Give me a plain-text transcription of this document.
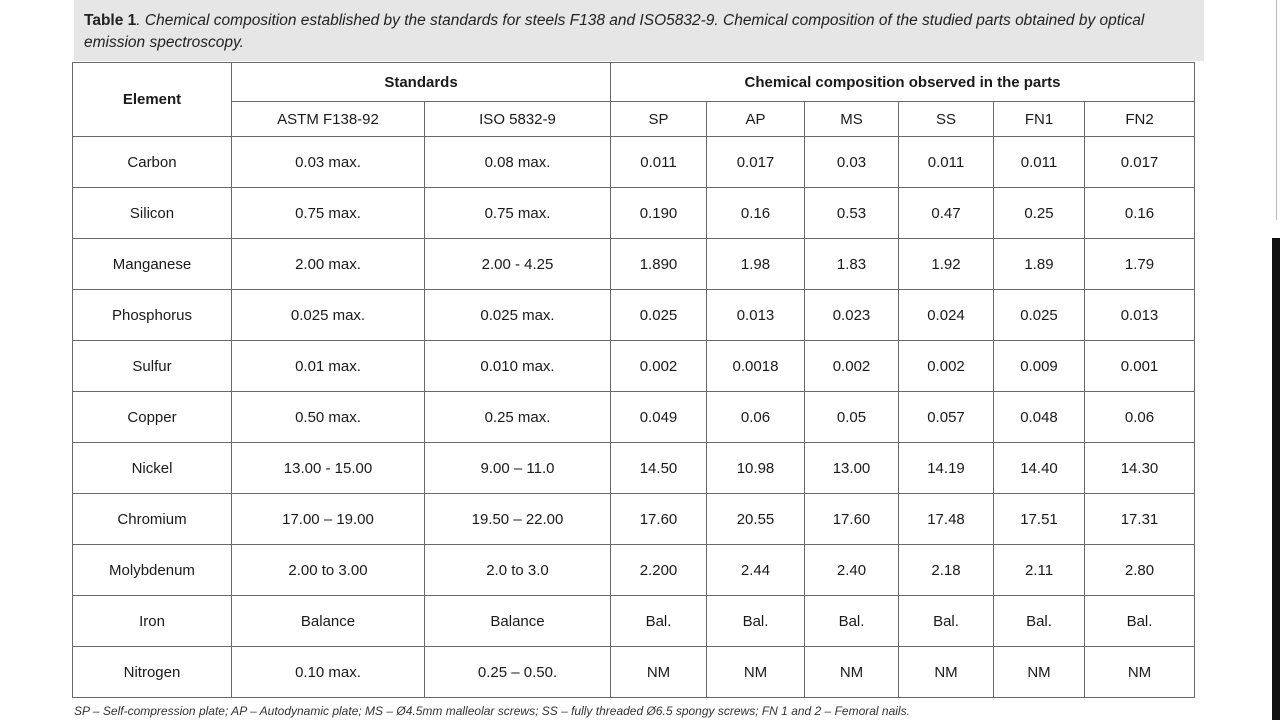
Table 1. Chemical composition established by the standards for steels F138 and ISO5832-9. Chemical composition of the studied parts obtained by optical emission spectroscopy.
Element	Standards		Chemical composition observed in the parts					
	ASTM F138-92	ISO 5832-9	SP	AP	MS	SS	FN1	FN2
Carbon	0.03 max.	0.08 max.	0.011	0.017	0.03	0.011	0.011	0.017
Silicon	0.75 max.	0.75 max.	0.190	0.16	0.53	0.47	0.25	0.16
Manganese	2.00 max.	2.00 - 4.25	1.890	1.98	1.83	1.92	1.89	1.79
Phosphorus	0.025 max.	0.025 max.	0.025	0.013	0.023	0.024	0.025	0.013
Sulfur	0.01 max.	0.010 max.	0.002	0.0018	0.002	0.002	0.009	0.001
Copper	0.50 max.	0.25 max.	0.049	0.06	0.05	0.057	0.048	0.06
Nickel	13.00 - 15.00	9.00 – 11.0	14.50	10.98	13.00	14.19	14.40	14.30
Chromium	17.00 – 19.00	19.50 – 22.00	17.60	20.55	17.60	17.48	17.51	17.31
Molybdenum	2.00 to 3.00	2.0 to 3.0	2.200	2.44	2.40	2.18	2.11	2.80
Iron	Balance	Balance	Bal.	Bal.	Bal.	Bal.	Bal.	Bal.
Nitrogen	0.10 max.	0.25 – 0.50.	NM	NM	NM	NM	NM	NM
SP – Self-compression plate; AP – Autodynamic plate; MS – Ø4.5mm malleolar screws; SS – fully threaded Ø6.5 spongy screws; FN 1 and 2 – Femoral nails.
